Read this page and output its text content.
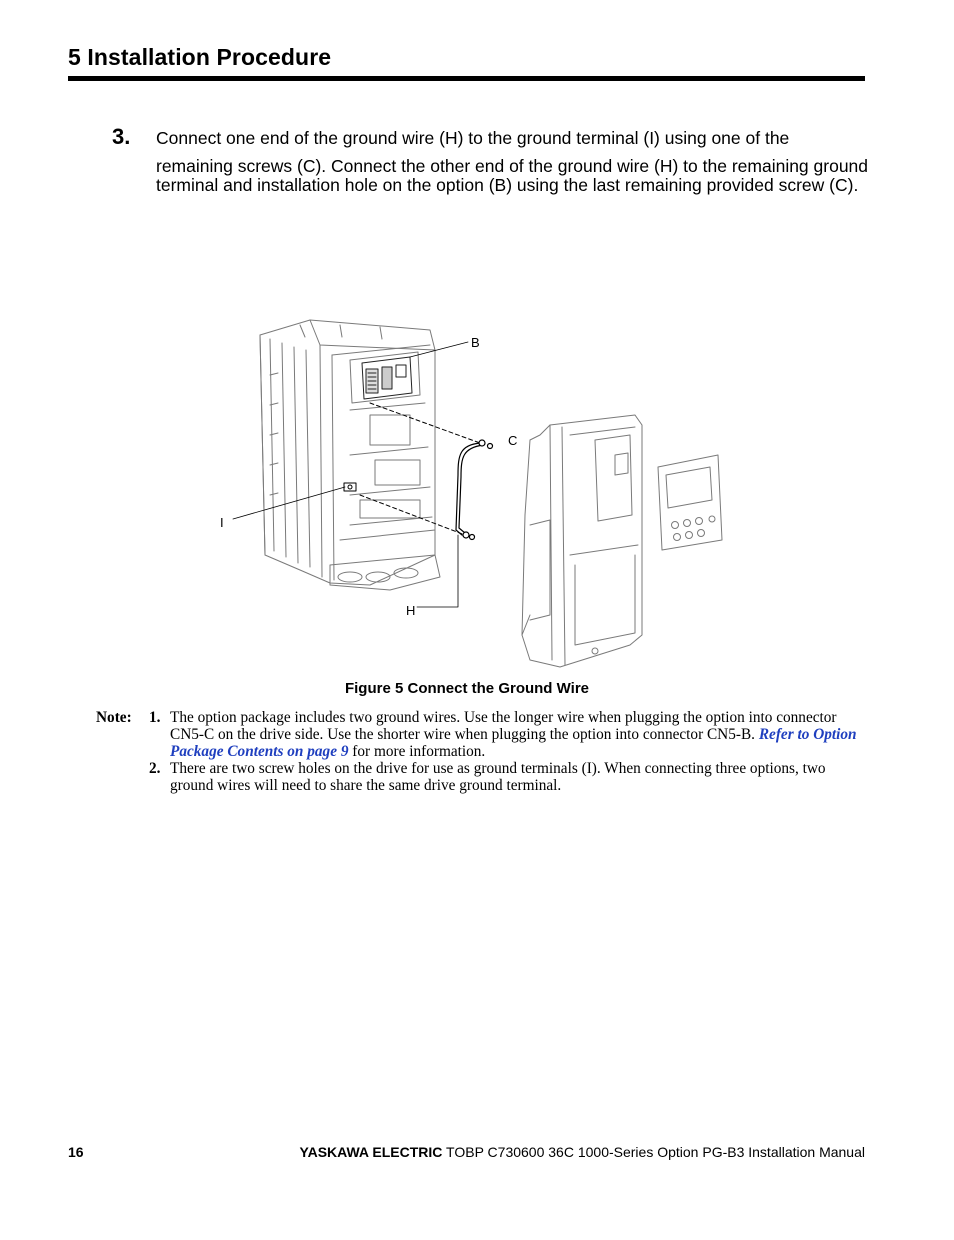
5 Installation Procedure
3. Connect one end of the ground wire (H) to the ground terminal (I) using one of the
remaining screws (C). Connect the other end of the ground wire (H) to the remaining ground terminal and installation hole on the option (B) using the last remaining provided screw (C).
B
C
I
H
Figure 5 Connect the Ground Wire
Note: 1. The option package includes two ground wires. Use the longer wire when plugging the option into connector CN5-C on the drive side. Use the shorter wire when plugging the option into connector CN5-B. Refer to Option Package Contents on page 9 for more information.
2. There are two screw holes on the drive for use as ground terminals (I). When connecting three options, two ground wires will need to share the same drive ground terminal.
16	YASKAWA ELECTRIC TOBP C730600 36C 1000-Series Option PG-B3 Installation Manual
